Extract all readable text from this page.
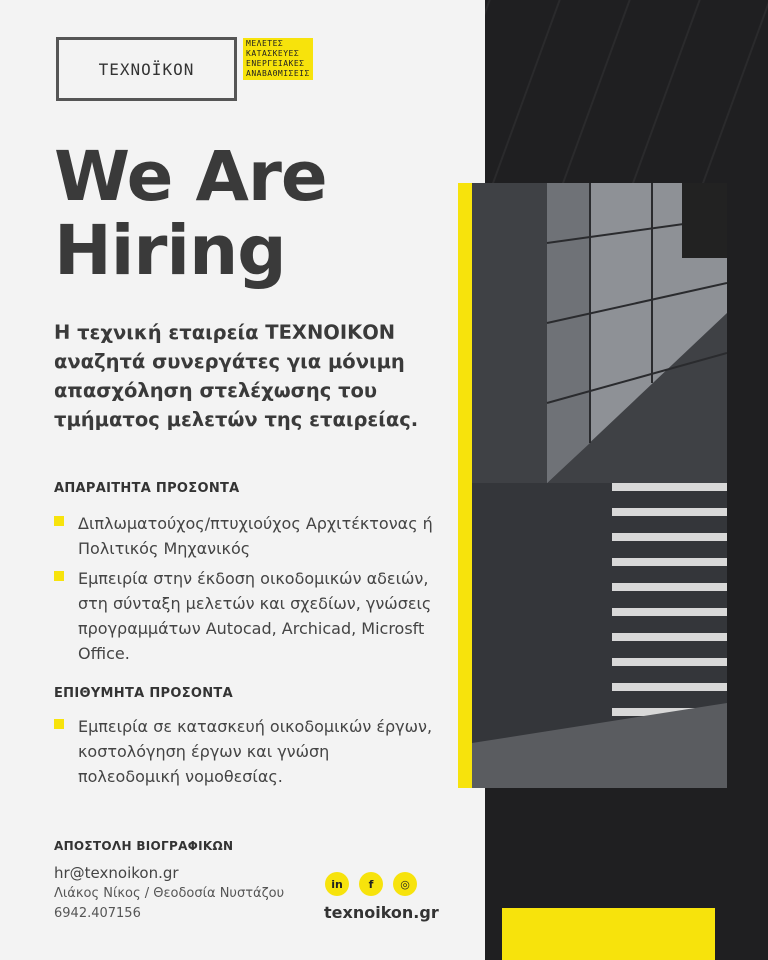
ΤΕΧΝΟÏΚΟΝ
ΜΕΛΕΤΕΣ
ΚΑΤΑΣΚΕΥΕΣ
ΕΝΕΡΓΕΙΑΚΕΣ
ΑΝΑΒΑΘΜΙΣΕΙΣ
We Are
Hiring
Η τεχνική εταιρεία ΤΕΧΝΟΙΚΟΝ αναζητά συνεργάτες για μόνιμη απασχόληση στελέχωσης του τμήματος μελετών της εταιρείας.
ΑΠΑΡΑΙΤΗΤΑ ΠΡΟΣΟΝΤΑ
Διπλωματούχος/πτυχιούχος Αρχιτέκτονας ή Πολιτικός Μηχανικός
Εμπειρία στην έκδοση οικοδομικών αδειών, στη σύνταξη μελετών και σχεδίων, γνώσεις προγραμμάτων Autocad, Archicad, Microsft Office.
ΕΠΙΘΥΜΗΤΑ ΠΡΟΣΟΝΤΑ
Εμπειρία σε κατασκευή οικοδομικών έργων, κοστολόγηση έργων και γνώση πολεοδομική νομοθεσίας.
ΑΠΟΣΤΟΛΗ ΒΙΟΓΡΑΦΙΚΩΝ
hr@texnoikon.gr
Λιάκος Νίκος / Θεοδοσία Νυστάζου
6942.407156
in	f	◎
texnoikon.gr
